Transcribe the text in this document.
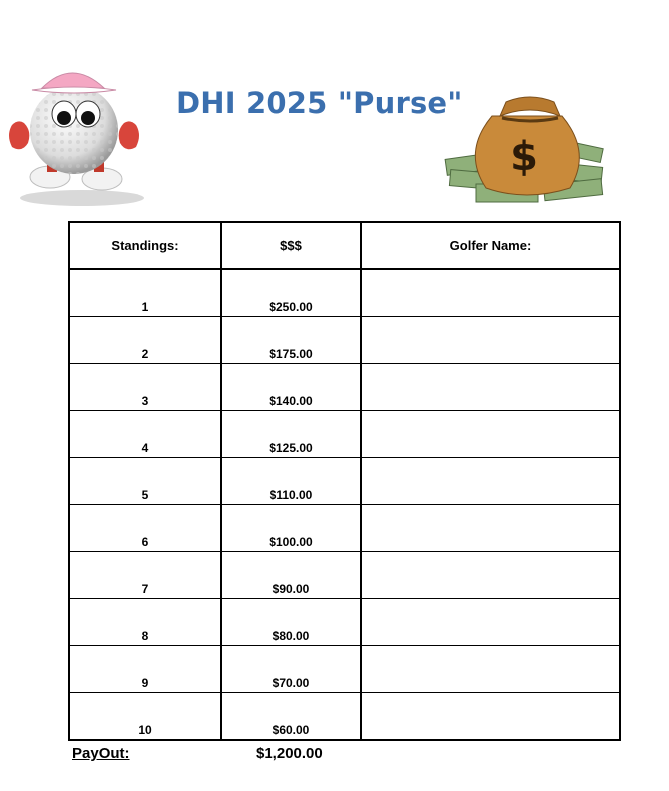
DHI 2025 "Purse"
$
Standings:	$$$	Golfer Name:
1	$250.00	
2	$175.00	
3	$140.00	
4	$125.00	
5	$110.00	
6	$100.00	
7	$90.00	
8	$80.00	
9	$70.00	
10	$60.00	
PayOut:	$1,200.00
